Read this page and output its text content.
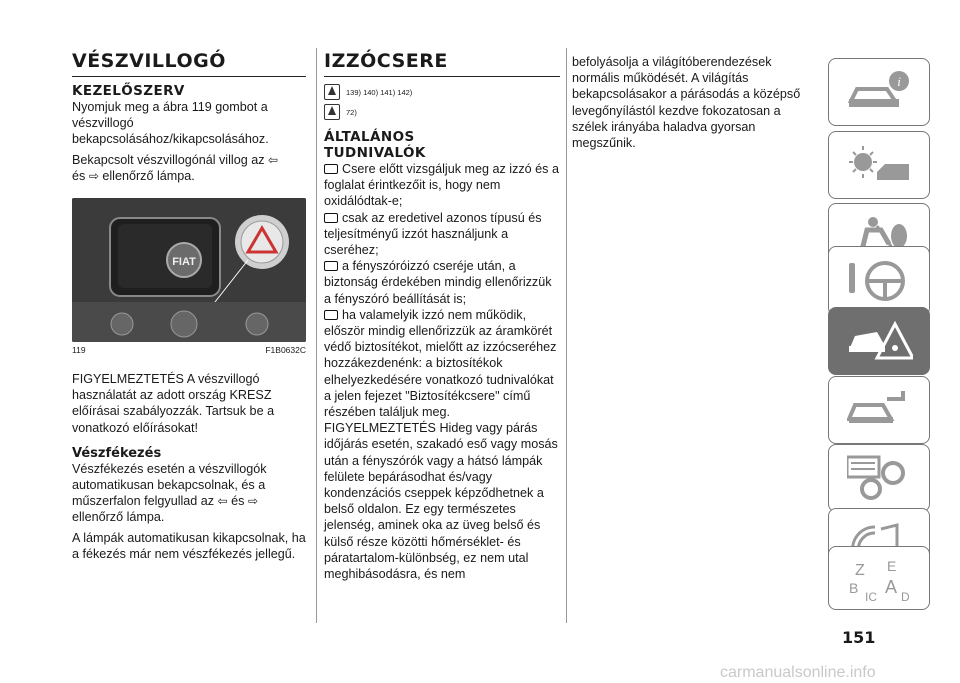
VÉSZVILLOGÓ
KEZELŐSZERV

Nyomjuk meg a ábra 119 gombot a vészvillogó bekapcsolásához/kikapcsolásához.

Bekapcsolt vészvillogónál villog az ⇦
és ⇨ ellenőrző lámpa.

FIAT
119	F1B0632C

FIGYELMEZTETÉS A vészvillogó használatát az adott ország KRESZ előírásai szabályozzák. Tartsuk be a vonatkozó előírásokat!

Vészfékezés

Vészfékezés esetén a vészvillogók automatikusan bekapcsolnak, és a műszerfalon felgyullad az ⇦ és ⇨
ellenőrző lámpa.

A lámpák automatikusan kikapcsolnak, ha a fékezés már nem vészfékezés jellegű.

IZZÓCSERE
139) 140) 141) 142)
72)
ÁLTALÁNOS
TUDNIVALÓK
Csere előtt vizsgáljuk meg az izzó és a foglalat érintkezőit is, hogy nem oxidálódtak-e;
csak az eredetivel azonos típusú és teljesítményű izzót használjunk a cseréhez;
a fényszóróizzó cseréje után, a biztonság érdekében mindig ellenőrizzük a fényszóró beállítását is;
ha valamelyik izzó nem működik, először mindig ellenőrizzük az áramkörét védő biztosítékot, mielőtt az izzócseréhez hozzákezdenénk: a biztosítékok elhelyezkedésére vonatkozó tudnivalókat a jelen fejezet "Biztosítékcsere" című részében találjuk meg.

FIGYELMEZTETÉS Hideg vagy párás időjárás esetén, szakadó eső vagy mosás után a fényszórók vagy a hátsó lámpák felülete bepárásodhat és/vagy kondenzációs cseppek képződhetnek a belső oldalon. Ez egy természetes jelenség, aminek oka az üveg belső és külső része közötti hőmérséklet- és páratartalom-különbség, ez nem utal meghibásodásra, és nem

befolyásolja a világítóberendezések normális működését. A világítás bekapcsolásakor a párásodás a középső levegőnyílástól kezdve fokozatosan a szélek irányába haladva gyorsan megszűnik.

i
Z E
B A
IC D
151
carmanualsonline.info
